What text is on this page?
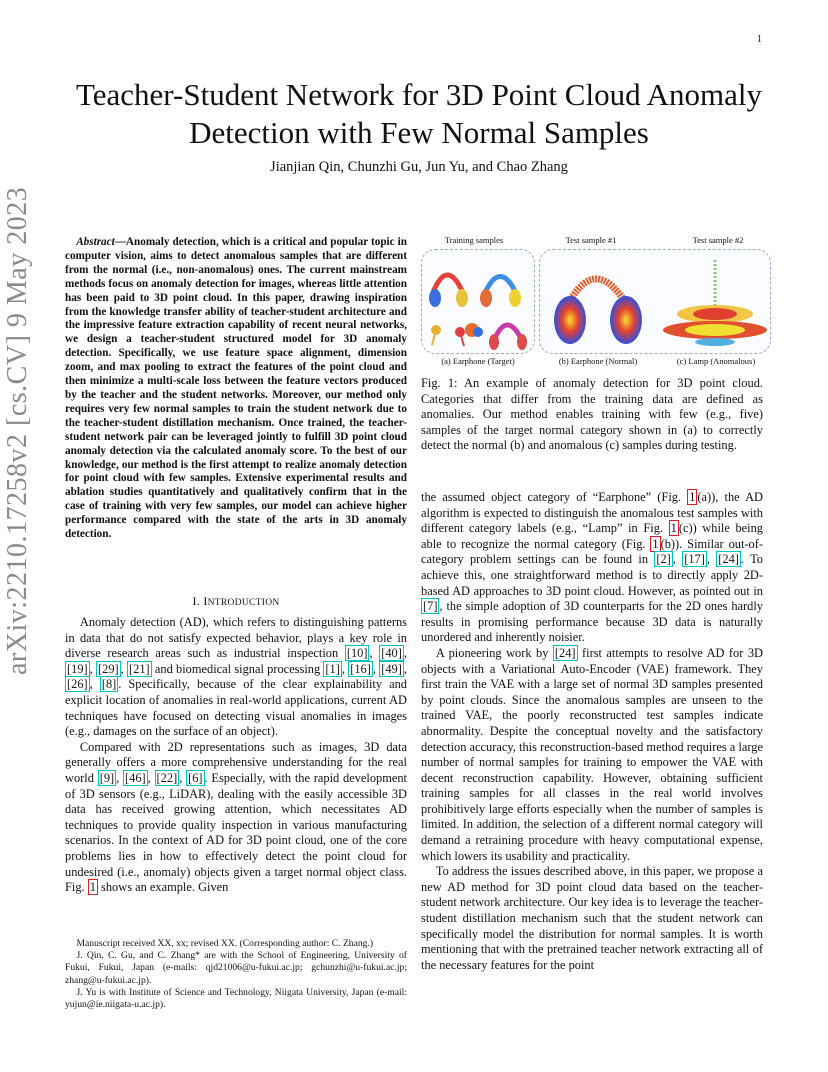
1
arXiv:2210.17258v2 [cs.CV] 9 May 2023
Teacher-Student Network for 3D Point Cloud Anomaly Detection with Few Normal Samples
Jianjian Qin, Chunzhi Gu, Jun Yu, and Chao Zhang
Abstract—Anomaly detection, which is a critical and popular topic in computer vision, aims to detect anomalous samples that are different from the normal (i.e., non-anomalous) ones. The current mainstream methods focus on anomaly detection for images, whereas little attention has been paid to 3D point cloud. In this paper, drawing inspiration from the knowledge transfer ability of teacher-student architecture and the impressive feature extraction capability of recent neural networks, we design a teacher-student structured model for 3D anomaly detection. Specifically, we use feature space alignment, dimension zoom, and max pooling to extract the features of the point cloud and then minimize a multi-scale loss between the feature vectors produced by the teacher and the student networks. Moreover, our method only requires very few normal samples to train the student network due to the teacher-student distillation mechanism. Once trained, the teacher-student network pair can be leveraged jointly to fulfill 3D point cloud anomaly detection via the calculated anomaly score. To the best of our knowledge, our method is the first attempt to realize anomaly detection for point cloud with few samples. Extensive experimental results and ablation studies quantitatively and qualitatively confirm that in the case of training with very few samples, our model can achieve higher performance compared with the state of the arts in 3D anomaly detection.
I. INTRODUCTION

Anomaly detection (AD), which refers to distinguishing patterns in data that do not satisfy expected behavior, plays a key role in diverse research areas such as industrial inspection [10] , [40] , [19] , [29] , [21] and biomedical signal processing [1] , [16] , [49] , [26] , [8] . Specifically, because of the clear explainability and explicit location of anomalies in real-world applications, current AD techniques have focused on detecting visual anomalies in images (e.g., damages on the surface of an object).

Compared with 2D representations such as images, 3D data generally offers a more comprehensive understanding for the real world [9] , [46] , [22] , [6] . Especially, with the rapid development of 3D sensors (e.g., LiDAR), dealing with the easily accessible 3D data has received growing attention, which necessitates AD techniques to provide quality inspection in various manufacturing scenarios. In the context of AD for 3D point cloud, one of the core problems lies in how to effectively detect the point cloud for undesired (i.e., anomaly) objects given a target normal object class. Fig. 1 shows an example. Given

Manuscript received XX, xx; revised XX. (Corresponding author: C. Zhang.)

J. Qin, C. Gu, and C. Zhang* are with the School of Engineering, University of Fukui, Fukui, Japan (e-mails: qjd21006@u-fukui.ac.jp; gchunzhi@u-fukui.ac.jp; zhang@u-fukui.ac.jp).

J. Yu is with Institute of Science and Technology, Niigata University, Japan (e-mail: yujun@ie.niigata-u.ac.jp).

Training samples	Test sample #1	Test sample #2
(a) Earphone (Target)	(b) Earphone (Normal)	(c) Lamp (Anomalous)
Fig. 1: An example of anomaly detection for 3D point cloud. Categories that differ from the training data are defined as anomalies. Our method enables training with few (e.g., five) samples of the target normal category shown in (a) to correctly detect the normal (b) and anomalous (c) samples during testing.

the assumed object category of “Earphone” (Fig. 1 (a)), the AD algorithm is expected to distinguish the anomalous test samples with different category labels (e.g., “Lamp” in Fig. 1 (c)) while being able to recognize the normal category (Fig. 1 (b)). Similar out-of-category problem settings can be found in [2] , [17] , [24] . To achieve this, one straightforward method is to directly apply 2D-based AD approaches to 3D point cloud. However, as pointed out in [7] , the simple adoption of 3D counterparts for the 2D ones hardly results in promising performance because 3D data is naturally unordered and inherently noisier.

A pioneering work by [24] first attempts to resolve AD for 3D objects with a Variational Auto-Encoder (VAE) framework. They first train the VAE with a large set of normal 3D samples presented by point clouds. Since the anomalous samples are unseen to the trained VAE, the poorly reconstructed test samples indicate abnormality. Despite the conceptual novelty and the satisfactory detection accuracy, this reconstruction-based method requires a large number of normal samples for training to empower the VAE with decent reconstruction capability. However, obtaining sufficient training samples for all classes in the real world involves prohibitively large efforts especially when the number of samples is limited. In addition, the selection of a different normal category will demand a retraining procedure with heavy computational expense, which lowers its usability and practicality.

To address the issues described above, in this paper, we propose a new AD method for 3D point cloud data based on the teacher-student network architecture. Our key idea is to leverage the teacher-student distillation mechanism such that the student network can specifically model the distribution for normal samples. It is worth mentioning that with the pretrained teacher network extracting all of the necessary features for the point
